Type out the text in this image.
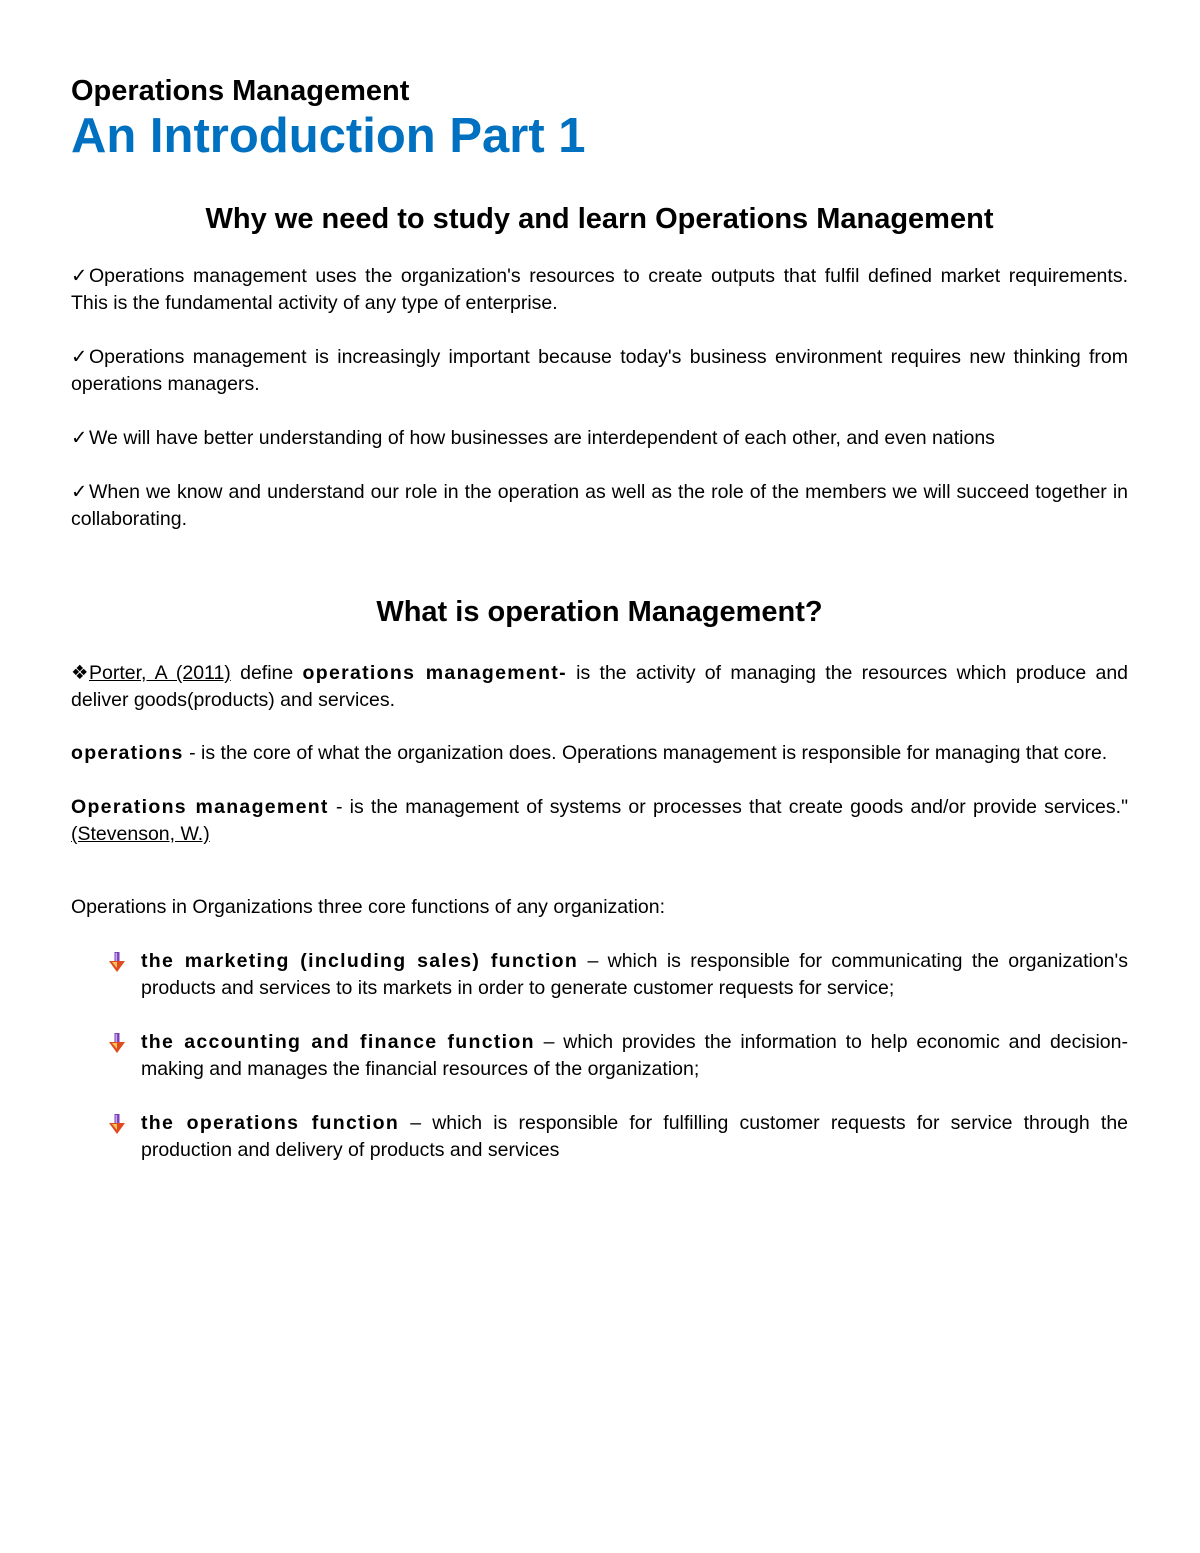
Operations Management
An Introduction Part 1
Why we need to study and learn Operations Management

✓Operations management uses the organization's resources to create outputs that fulfil defined market requirements. This is the fundamental activity of any type of enterprise.

✓Operations management is increasingly important because today's business environment requires new thinking from operations managers.

✓We will have better understanding of how businesses are interdependent of each other, and even nations

✓When we know and understand our role in the operation as well as the role of the members we will succeed together in collaborating.

What is operation Management?

❖Porter, A (2011) define operations management- is the activity of managing the resources which produce and deliver goods(products) and services.

operations - is the core of what the organization does. Operations management is responsible for managing that core.

Operations management - is the management of systems or processes that create goods and/or provide services." (Stevenson, W.)

Operations in Organizations three core functions of any organization:

the marketing (including sales) function – which is responsible for communicating the organization's products and services to its markets in order to generate customer requests for service;
the accounting and finance function – which provides the information to help economic and decision-making and manages the financial resources of the organization;
the operations function – which is responsible for fulfilling customer requests for service through the production and delivery of products and services
